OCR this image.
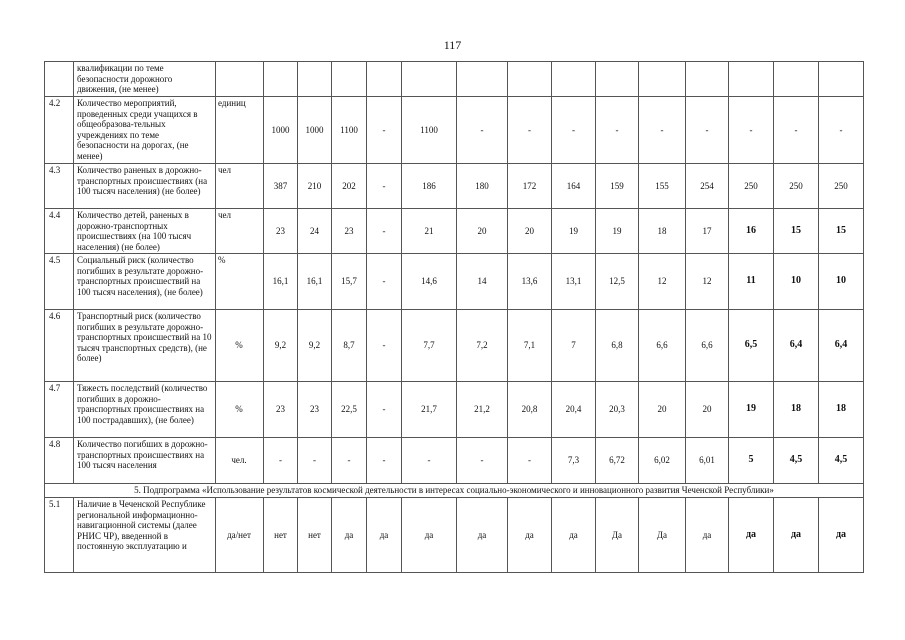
117
	квалификации по теме безопасности дорожного движения, (не менее)															
4.2	Количество мероприятий, проведенных среди учащихся в общеобразова-тельных учреждениях по теме безопасности на дорогах, (не менее)	единиц	1000	1000	1100	-	1100	-	-	-	-	-	-	-	-	-
4.3	Количество раненых в дорожно-транспортных происшествиях (на 100 тысяч населения) (не более)	чел	387	210	202	-	186	180	172	164	159	155	254	250	250	250
4.4	Количество детей, раненых в дорожно-транспортных происшествиях (на 100 тысяч населения) (не более)	чел	23	24	23	-	21	20	20	19	19	18	17	16	15	15
4.5	Социальный риск (количество погибших в результате дорожно-транспортных происшествий на 100 тысяч населения), (не более)	%	16,1	16,1	15,7	-	14,6	14	13,6	13,1	12,5	12	12	11	10	10
4.6	Транспортный риск (количество погибших в результате дорожно-транспортных происшествий на 10 тысяч транспортных средств), (не более)	%	9,2	9,2	8,7	-	7,7	7,2	7,1	7	6,8	6,6	6,6	6,5	6,4	6,4
4.7	Тяжесть последствий (количество погибших в дорожно-транспортных происшествиях на 100 пострадавших), (не более)	%	23	23	22,5	-	21,7	21,2	20,8	20,4	20,3	20	20	19	18	18
4.8	Количество погибших в дорожно-транспортных происшествиях на 100 тысяч населения	чел.	-	-	-	-	-	-	-	7,3	6,72	6,02	6,01	5	4,5	4,5
5. Подпрограмма «Использование результатов космической деятельности в интересах социально-экономического и инновационного развития Чеченской Республики»																
5.1	Наличие в Чеченской Республике региональной информационно-навигационной системы (далее РНИС ЧР), введенной в постоянную эксплуатацию и	да/нет	нет	нет	да	да	да	да	да	да	Да	Да	да	да	да	да
